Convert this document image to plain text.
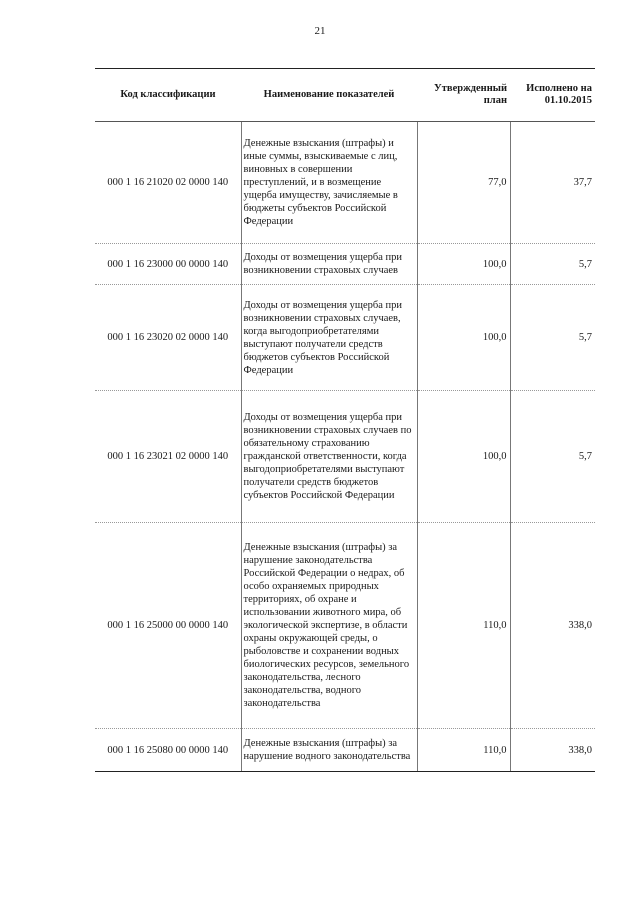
21
Код классификации	Наименование показателей	Утвержденный план	Исполнено на 01.10.2015
000 1 16 21020 02 0000 140	Денежные взыскания (штрафы) и иные суммы, взыскиваемые с лиц, виновных в совершении преступлений, и в возмещение ущерба имуществу, зачисляемые в бюджеты субъектов Российской Федерации	77,0	37,7
000 1 16 23000 00 0000 140	Доходы от возмещения ущерба при возникновении страховых случаев	100,0	5,7
000 1 16 23020 02 0000 140	Доходы от возмещения ущерба при возникновении страховых случаев, когда выгодоприобретателями выступают получатели средств бюджетов субъектов Российской Федерации	100,0	5,7
000 1 16 23021 02 0000 140	Доходы от возмещения ущерба при возникновении страховых случаев по обязательному страхованию гражданской ответственности, когда выгодоприобретателями выступают получатели средств бюджетов субъектов Российской Федерации	100,0	5,7
000 1 16 25000 00 0000 140	Денежные взыскания (штрафы) за нарушение законодательства Российской Федерации о недрах, об особо охраняемых природных территориях, об охране и использовании животного мира, об экологической экспертизе, в области охраны окружающей среды, о рыболовстве и сохранении водных биологических ресурсов, земельного законодательства, лесного законодательства, водного законодательства	110,0	338,0
000 1 16 25080 00 0000 140	Денежные взыскания (штрафы) за нарушение водного законодательства	110,0	338,0
